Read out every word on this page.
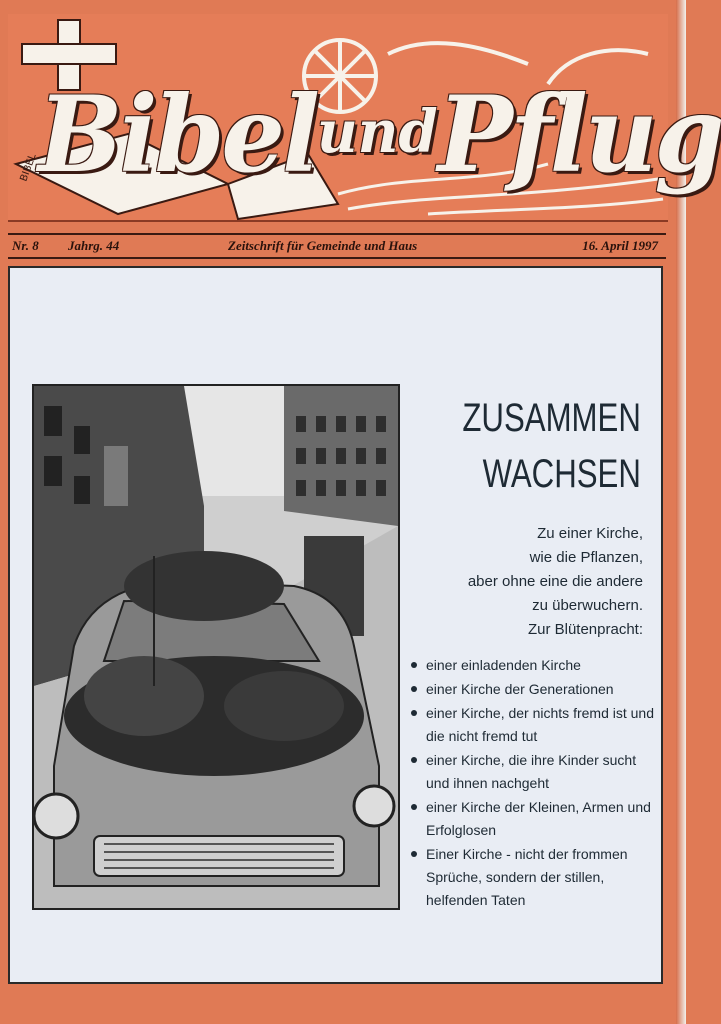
BIBEL BibelundPflug
Nr. 8 Jahrg. 44	Zeitschrift für Gemeinde und Haus	16. April 1997
ZUSAMMEN
WACHSEN
Zu einer Kirche,
wie die Pflanzen,
aber ohne eine die andere
zu überwuchern.
Zur Blütenpracht:
einer einladenden Kirche
einer Kirche der Generationen
einer Kirche, der nichts fremd ist und die nicht fremd tut
einer Kirche, die ihre Kinder sucht und ihnen nachgeht
einer Kirche der Kleinen, Armen und Erfolglosen
Einer Kirche - nicht der frommen Sprüche, sondern der stillen, helfenden Taten
